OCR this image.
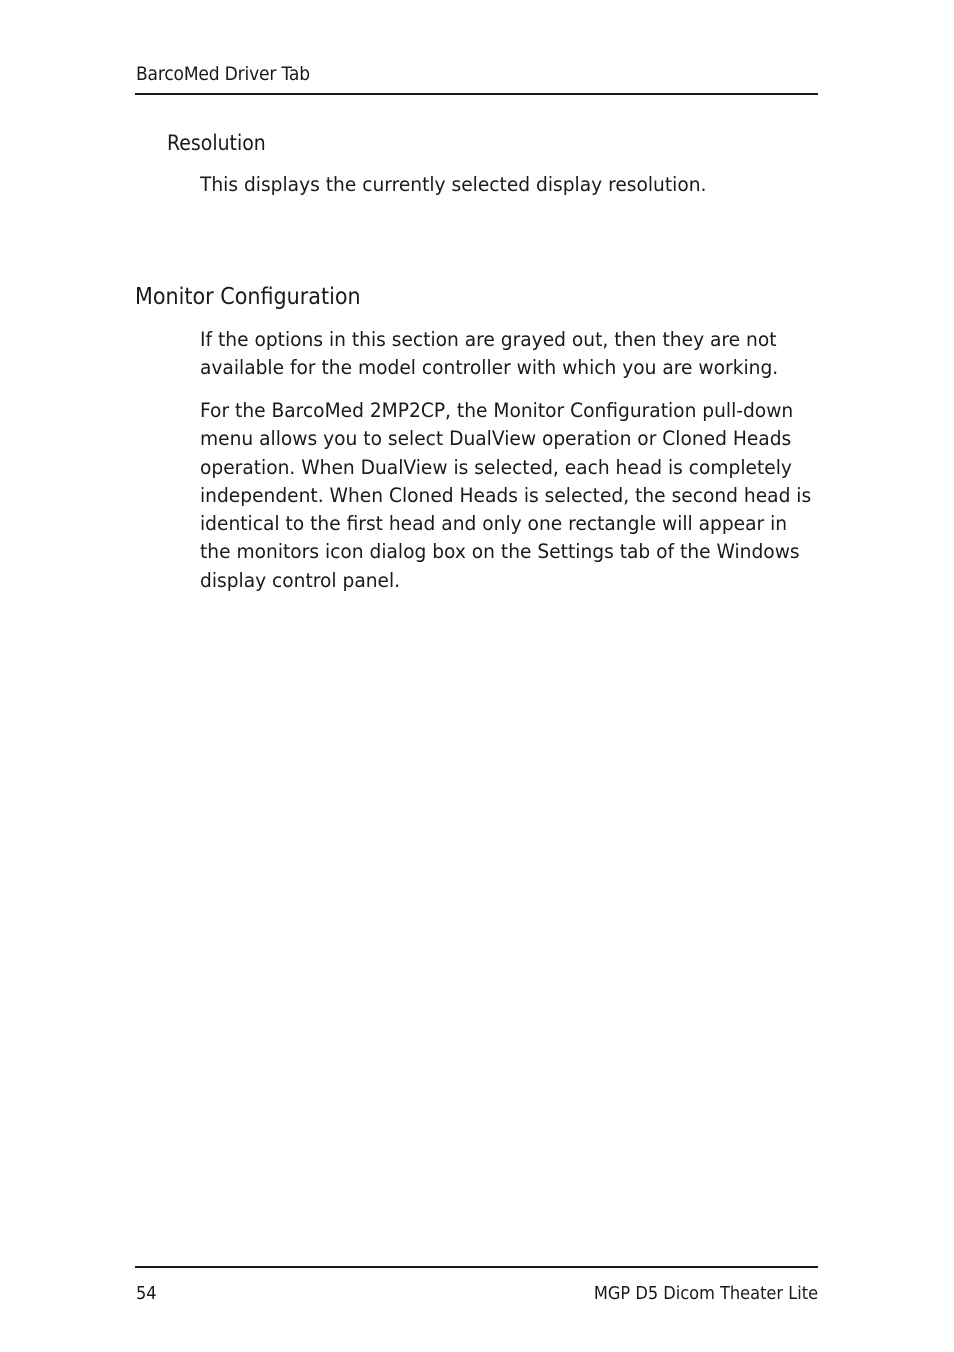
BarcoMed Driver Tab
Resolution

This displays the currently selected display resolution.

Monitor Configuration

If the options in this section are grayed out, then they are not available for the model controller with which you are working.

For the BarcoMed 2MP2CP, the Monitor Configuration pull-down menu allows you to select DualView operation or Cloned Heads operation. When DualView is selected, each head is completely independent. When Cloned Heads is selected, the second head is identical to the first head and only one rectangle will appear in the monitors icon dialog box on the Settings tab of the Windows display control panel.

54	MGP D5 Dicom Theater Lite
